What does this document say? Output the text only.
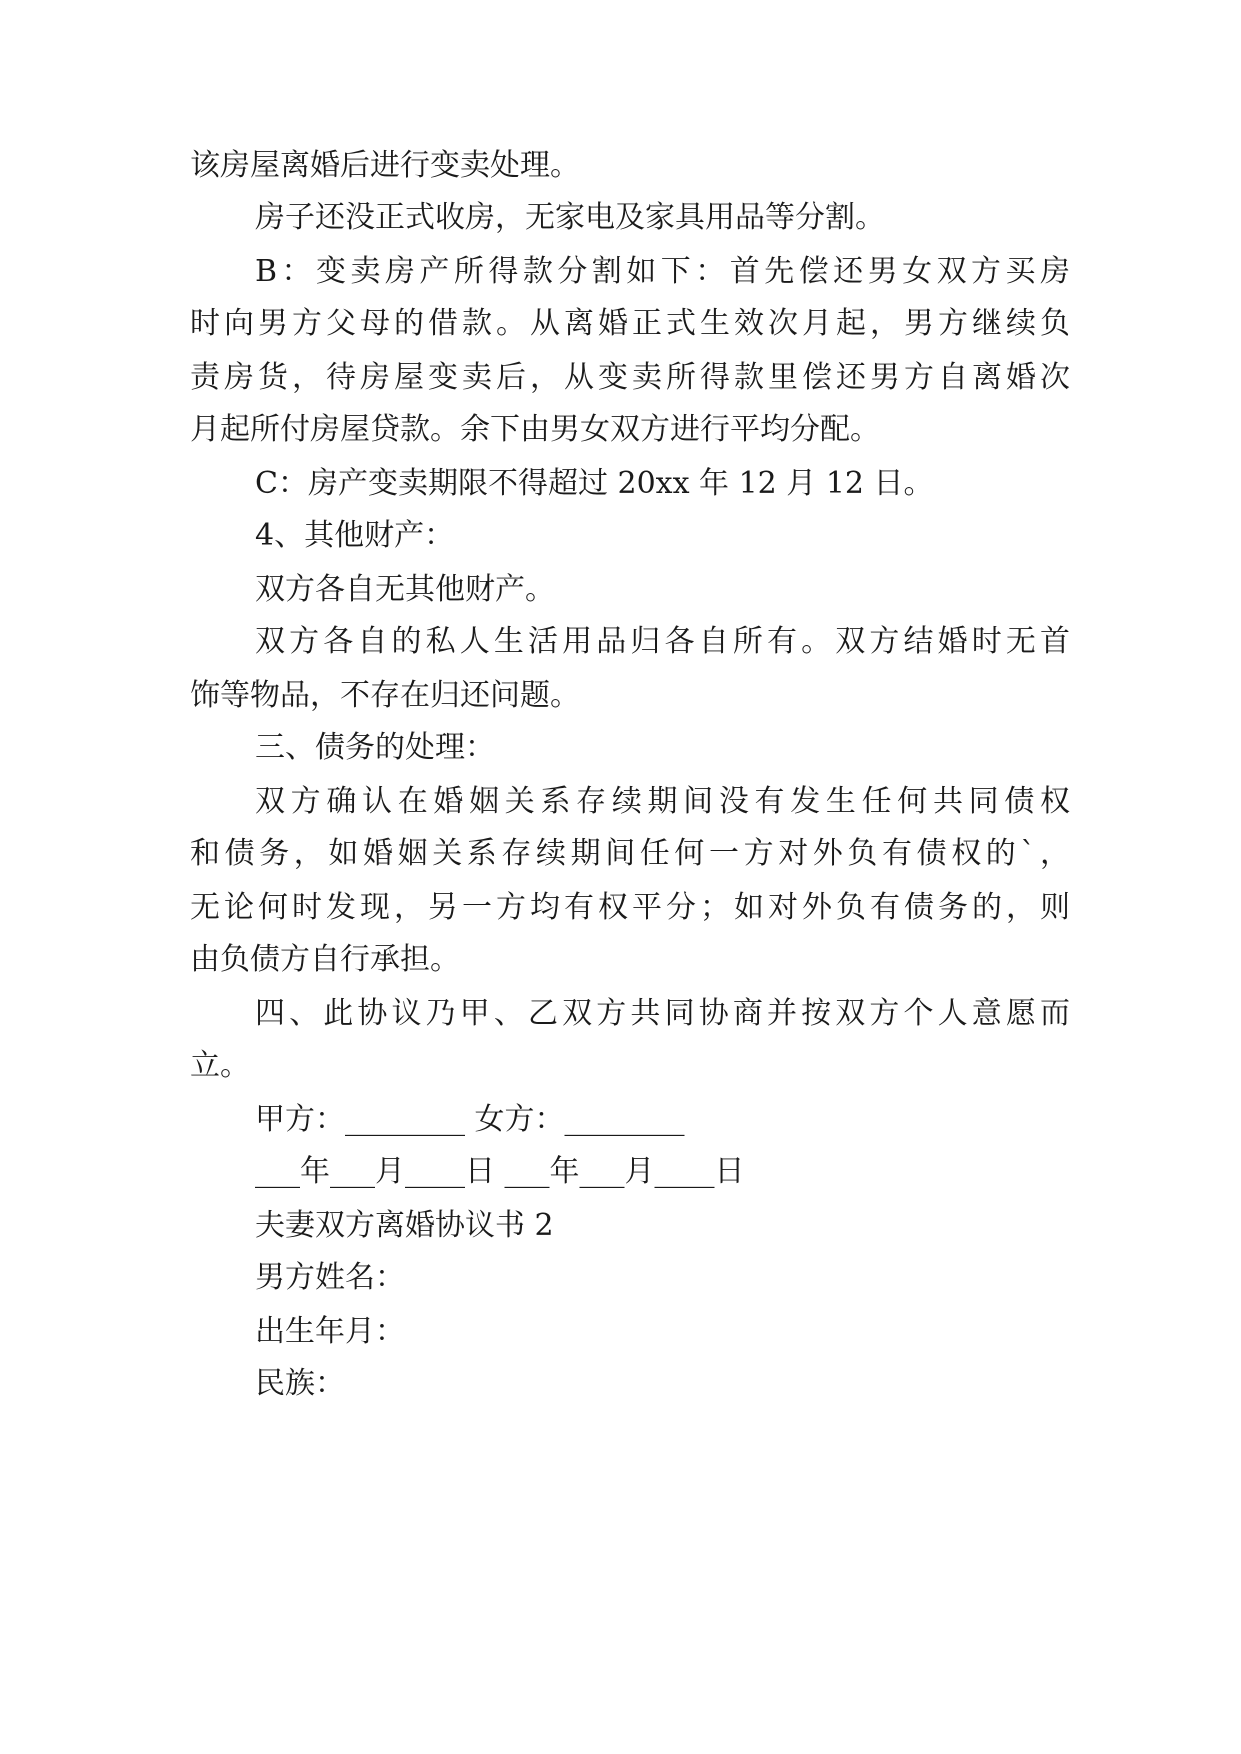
该房屋离婚后进行变卖处理。
房子还没正式收房，无家电及家具用品等分割。
B：变卖房产所得款分割如下：首先偿还男女双方买房
时向男方父母的借款。从离婚正式生效次月起，男方继续负
责房货，待房屋变卖后，从变卖所得款里偿还男方自离婚次
月起所付房屋贷款。余下由男女双方进行平均分配。
C：房产变卖期限不得超过 20xx 年 12 月 12 日。
4、其他财产：
双方各自无其他财产。
双方各自的私人生活用品归各自所有。双方结婚时无首
饰等物品，不存在归还问题。
三、债务的处理：
双方确认在婚姻关系存续期间没有发生任何共同债权
和债务，如婚姻关系存续期间任何一方对外负有债权的`，
无论何时发现，另一方均有权平分；如对外负有债务的，则
由负债方自行承担。
四、此协议乃甲、乙双方共同协商并按双方个人意愿而
立。
甲方：________ 女方：________
___年___月____日 ___年___月____日
夫妻双方离婚协议书 2
男方姓名：
出生年月：
民族：
